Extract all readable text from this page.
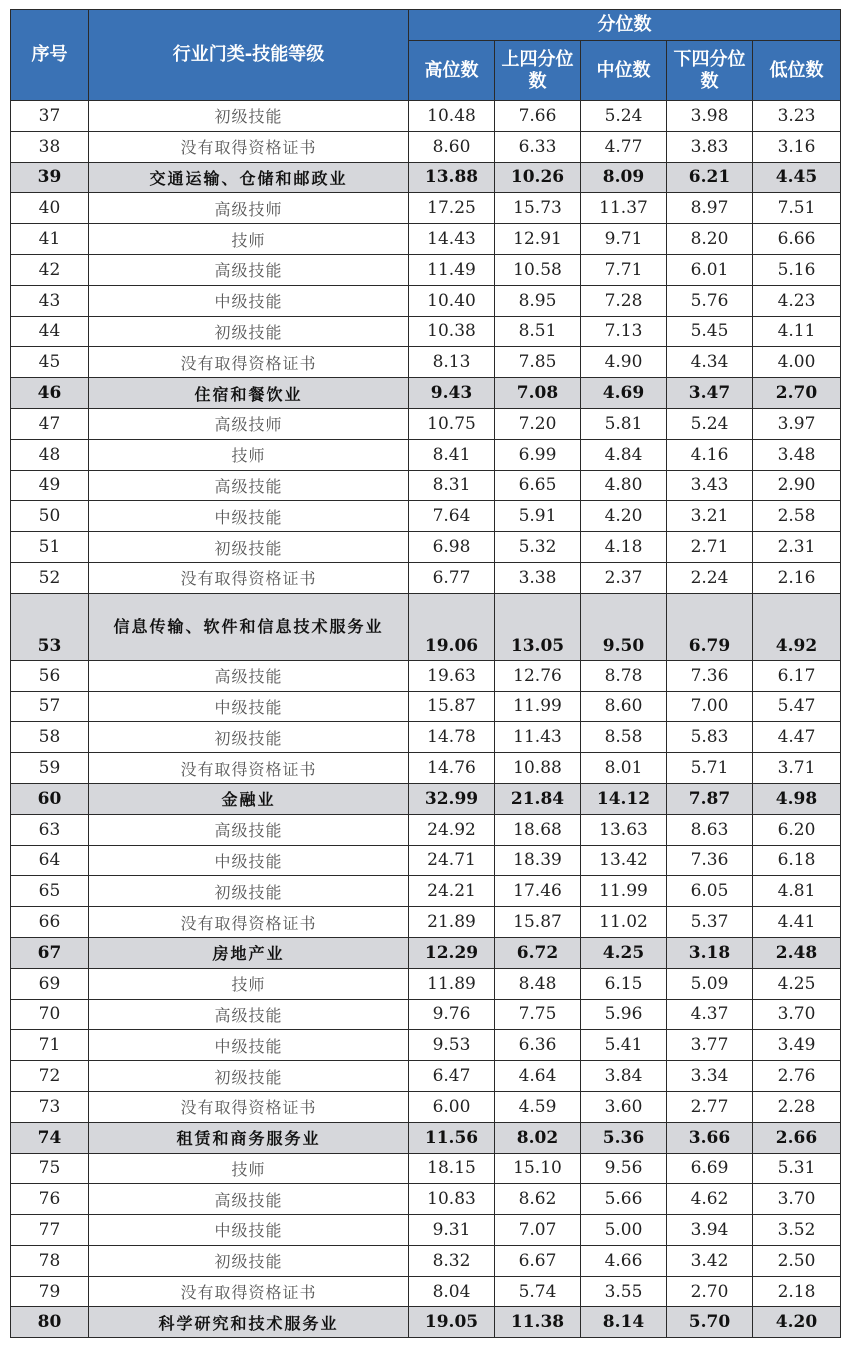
序号	行业门类-技能等级	分位数				
		高位数	上四分位数	中位数	下四分位数	低位数
37	初级技能	10.48	7.66	5.24	3.98	3.23
38	没有取得资格证书	8.60	6.33	4.77	3.83	3.16
39	交通运输、仓储和邮政业	13.88	10.26	8.09	6.21	4.45
40	高级技师	17.25	15.73	11.37	8.97	7.51
41	技师	14.43	12.91	9.71	8.20	6.66
42	高级技能	11.49	10.58	7.71	6.01	5.16
43	中级技能	10.40	8.95	7.28	5.76	4.23
44	初级技能	10.38	8.51	7.13	5.45	4.11
45	没有取得资格证书	8.13	7.85	4.90	4.34	4.00
46	住宿和餐饮业	9.43	7.08	4.69	3.47	2.70
47	高级技师	10.75	7.20	5.81	5.24	3.97
48	技师	8.41	6.99	4.84	4.16	3.48
49	高级技能	8.31	6.65	4.80	3.43	2.90
50	中级技能	7.64	5.91	4.20	3.21	2.58
51	初级技能	6.98	5.32	4.18	2.71	2.31
52	没有取得资格证书	6.77	3.38	2.37	2.24	2.16
53	信息传输、软件和信息技术服务业	19.06	13.05	9.50	6.79	4.92
56	高级技能	19.63	12.76	8.78	7.36	6.17
57	中级技能	15.87	11.99	8.60	7.00	5.47
58	初级技能	14.78	11.43	8.58	5.83	4.47
59	没有取得资格证书	14.76	10.88	8.01	5.71	3.71
60	金融业	32.99	21.84	14.12	7.87	4.98
63	高级技能	24.92	18.68	13.63	8.63	6.20
64	中级技能	24.71	18.39	13.42	7.36	6.18
65	初级技能	24.21	17.46	11.99	6.05	4.81
66	没有取得资格证书	21.89	15.87	11.02	5.37	4.41
67	房地产业	12.29	6.72	4.25	3.18	2.48
69	技师	11.89	8.48	6.15	5.09	4.25
70	高级技能	9.76	7.75	5.96	4.37	3.70
71	中级技能	9.53	6.36	5.41	3.77	3.49
72	初级技能	6.47	4.64	3.84	3.34	2.76
73	没有取得资格证书	6.00	4.59	3.60	2.77	2.28
74	租赁和商务服务业	11.56	8.02	5.36	3.66	2.66
75	技师	18.15	15.10	9.56	6.69	5.31
76	高级技能	10.83	8.62	5.66	4.62	3.70
77	中级技能	9.31	7.07	5.00	3.94	3.52
78	初级技能	8.32	6.67	4.66	3.42	2.50
79	没有取得资格证书	8.04	5.74	3.55	2.70	2.18
80	科学研究和技术服务业	19.05	11.38	8.14	5.70	4.20
